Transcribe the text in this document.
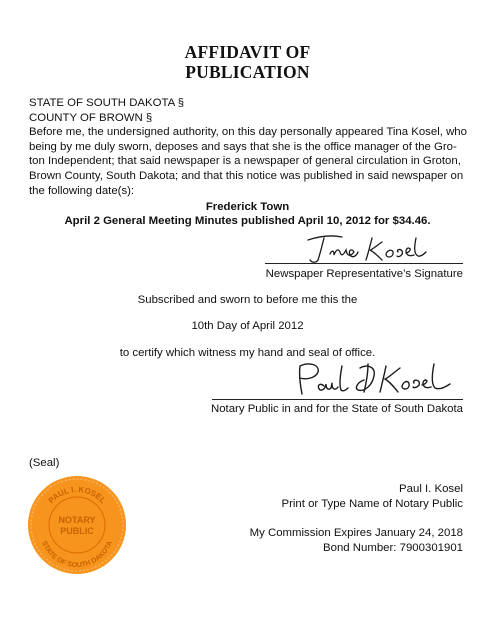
AFFIDAVIT OF
PUBLICATION
STATE OF SOUTH DAKOTA §
COUNTY OF BROWN §
Before me, the undersigned authority, on this day personally appeared Tina Kosel, who
being by me duly sworn, deposes and says that she is the office manager of the Gro-
ton Independent; that said newspaper is a newspaper of general circulation in Groton,
Brown County, South Dakota; and that this notice was published in said newspaper on
the following date(s):
Frederick Town
April 2 General Meeting Minutes published April 10, 2012 for $34.46.
Newspaper Representative’s Signature
Subscribed and sworn to before me this the
10th Day of April 2012
to certify which witness my hand and seal of office.
Notary Public in and for the State of South Dakota
(Seal)
PAUL I. KOSEL
STATE OF SOUTH DAKOTA
NOTARY
PUBLIC
Paul I. Kosel
Print or Type Name of Notary Public
My Commission Expires January 24, 2018
Bond Number: 7900301901
